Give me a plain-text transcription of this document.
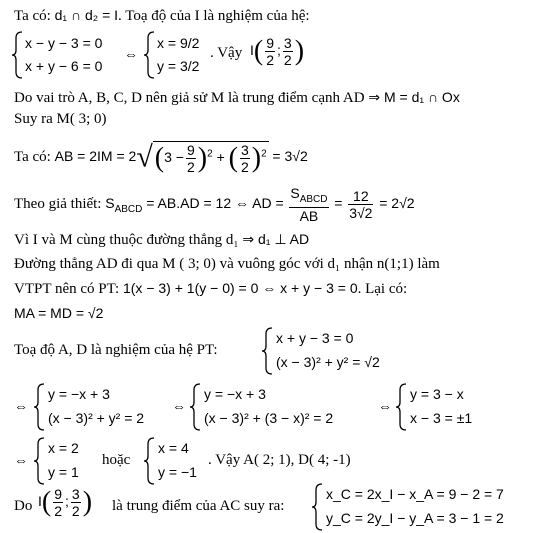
Ta có: d₁ ∩ d₂ = I. Toạ độ của I là nghiệm của hệ:
x − y − 3 = 0
x + y − 6 = 0
⇔
x = 9/2
y = 3/2
. Vậy $I( \frac{9}{2}$ ; $\frac{3}{2}$ )
Do vai trò A, B, C, D nên giả sử M là trung điểm cạnh AD ⇒ M = d₁ ∩ Ox
Suy ra M( 3; 0)
Ta có: AB = $2IM = 2√(3 - \frac{9}{2} )^2$ + ( $\frac{3}{2} )^2 = 3√2$
Theo giả thiết: $S_{ABCD} = AB.AD = 12$ ⇔ AD = $\frac{S_{ABCD}}{AB} = \frac{12}{3√2} = 2√2$
Vì I và M cùng thuộc đường thẳng d₁ ⇒ d₁ ⊥ AD
Đường thẳng AD đi qua M ( 3; 0) và vuông góc với d₁ nhận n(1;1) làm
VTPT nên có PT: 1(x − 3) + 1(y − 0) = 0 ⇔ x + y − 3 = 0. Lại có:
MA = MD = √2
Toạ độ A, D là nghiệm của hệ PT:
x + y − 3 = 0
(x − 3)² + y² = √2
⇔
y = −x + 3
(x − 3)² + y² = 2
⇔
y = −x + 3
(x − 3)² + (3 − x)² = 2
⇔
y = 3 − x
x − 3 = ±1
⇔
x = 2
y = 1
hoặc
x = 4
y = −1
. Vậy A( 2; 1), D( 4; -1)
Do $I( \frac{9}{2}$ ; $\frac{3}{2}$ ) là trung điểm của AC suy ra:
x_C = 2x_I − x_A = 9 − 2 = 7
y_C = 2y_I − y_A = 3 − 1 = 2
